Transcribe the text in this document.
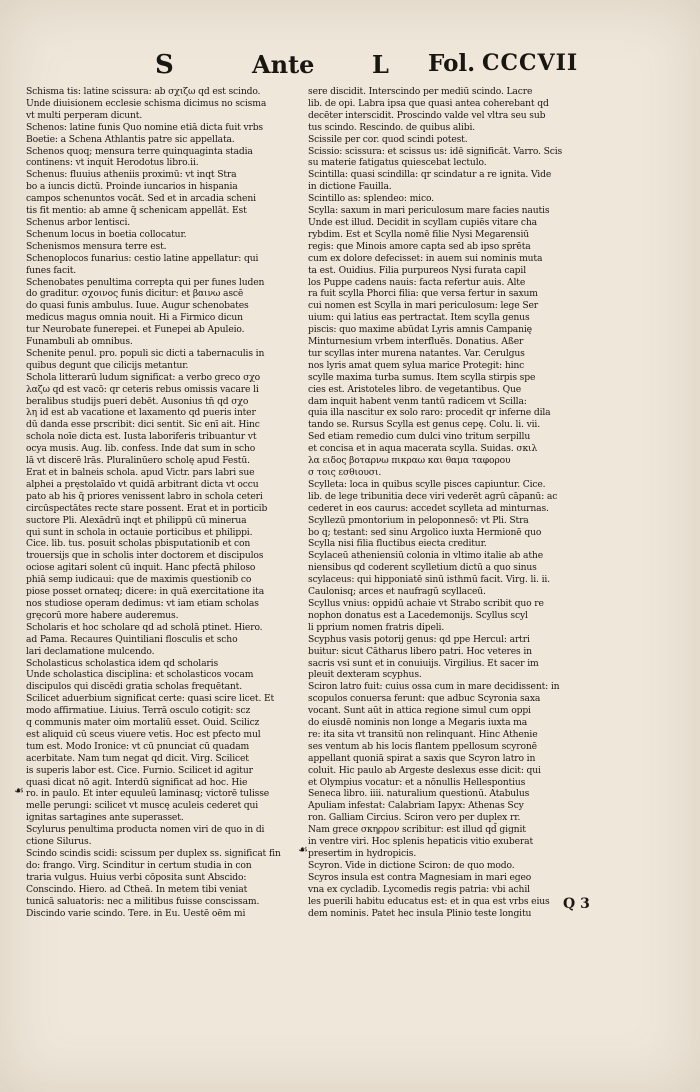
S	Ante L Fol. CCCVII
Schisma tis: latine scissura: ab σχιζω qd est scindo.
Unde diuisionem ecclesie schisma dicimus no scisma
vt multi perperam dicunt.
Schenos: latine funis Quo nomine etiā dicta fuit vrbs
Boetie: a Schena Athlantis patre sic appellata.
Schenos quoq; mensura terre quinquaginta stadia
continens: vt inquit Herodotus libro.ii.
Schenus: fluuius atheniis proximū: vt inqt Stra
bo a iuncis dictū. Proinde iuncarios in hispania
campos schenuntos vocāt. Sed et in arcadia scheni
tis fit mentio: ab amne q̄ schenicam appellāt. Est
Schenus arbor lentisci.
Schenum locus in boetia collocatur.
Schenismos mensura terre est.
Schenoplocos funarius: cestio latine appellatur: qui
funes facit.
Schenobates penultima correpta qui per funes luden
do graditur. σχοινος funis dicitur: et βαινω ascē
do quasi funis ambulus. Iuue. Augur schenobates
medicus magus omnia nouit. Hi a Firmico dicun
tur Neurobate funerepei. et Funepei ab Apuleio.
Funambuli ab omnibus.
Schenite penul. pro. populi sic dicti a tabernaculis in
quibus degunt que cilicijs metantur.
Schola litterarū ludum significat: a verbo greco σχο
λαζω qd est vacō: qr ceteris rebus omissis vacare li
beralibus studijs pueri debēt. Ausonius tn̄ qd σχο
λη id est ab vacatione et laxamento qd pueris inter
dū danda esse prscribit: dici sentit. Sic enī ait. Hinc
schola noīe dicta est. Iusta laboriferis tribuantur vt
ocya musis. Aug. lib. confess. Inde dat sum in scho
lā vt discerē lrās. Pluralinūero scholę apud Festū.
Erat et in balneis schola. apud Victr. pars labri sue
alphei a pręstolaīdo vt quidā arbitrant dicta vt occu
pato ab his q̄ priores venissent labro in schola ceteri
circūspectātes recte stare possent. Erat et in porticib
suctore Pli. Alexādrū inqt et philippū cū minerua
qui sunt in schola in octauie porticibus et philippi.
Cice. lib. tus. posuit scholas pbisputationib et con
trouersijs que in scholis inter doctorem et discipulos
ociose agitari solent cū inquit. Hanc pfectā philoso
phiā semp iudicaui: que de maximis questionib co
piose posset ornateq; dicere: in quā exercitatione ita
nos studiose operam dedimus: vt iam etiam scholas
gręcorū more habere auderemus.
Scholaris et hoc scholare qd ad scholā ptinet. Hiero.
ad Pama. Recaures Quintiliani flosculis et scho
lari declamatione mulcendo.
Scholasticus scholastica idem qd scholaris
Unde scholastica disciplina: et scholasticos vocam
discipulos qui discēdi gratia scholas frequētant.
Scilicet aduerbium significat certe: quasi scire licet. Et
modo affirmatiue. Liuius. Terrā osculo cotigit: scz
q communis mater oim mortaliū esset. Ouid. Scilicz
est aliquid cū sceus viuere vetis. Hoc est pfecto mul
tum est. Modo Ironice: vt cū pnunciat cū quadam
acerbitate. Nam tum negat qd dicit. Virg. Scilicet
is superis labor est. Cice. Furnio. Scilicet id agitur
quasi dicat nō agit. Interdū significat ad hoc. Hie
ro. in paulo. Et inter equuleū laminasq; victorē tulisse
melle perungi: scilicet vt muscę aculeis cederet qui
ignitas sartagines ante superasset.
Scylurus penultima producta nomen viri de quo in di
ctione Silurus.
Scindo scindis scidi: scissum per duplex ss. significat fin
do: frango. Virg. Scinditur in certum studia in con
traria vulgus. Huius verbi cōposita sunt Abscido:
Conscindo. Hiero. ad Ctheā. In metem tibi veniat
tunicā saluatoris: nec a militibus fuisse conscissam.
Discindo varie scindo. Tere. in Eu. Uestē oēm mi
sere discidit. Interscindo per mediū scindo. Lacre
lib. de opi. Labra ipsa que quasi antea coherebant qd
decēter interscidit. Proscindo valde vel vltra seu sub
tus scindo. Rescindo. de quibus alibi.
Scissile per cor. quod scindi potest.
Scissio: scissura: et scissus us: idē significāt. Varro. Scis
su materie fatigatus quiescebat lectulo.
Scintilla: quasi scindilla: qr scindatur a re ignita. Vide
in dictione Fauilla.
Scintillo as: splendeo: mico.
Scylla: saxum in mari periculosum mare facies nautis
Unde est illud. Decidit in scyllam cupiēs vitare cha
rybdim. Est et Scylla nomē filie Nysi Megarensiū
regis: que Minois amore capta sed ab ipso sprēta
cum ex dolore defecisset: in auem sui nominis muta
ta est. Ouidius. Filia purpureos Nysi furata capil
los Puppe cadens nauis: facta refertur auis. Alte
ra fuit scylla Phorci filia: que versa fertur in saxum
cui nomen est Scylla in mari periculosum: lege Ser
uium: qui latius eas pertractat. Item scylla genus
piscis: quo maxime abūdat Lyris amnis Campanię
Minturnesium vrbem interfluēs. Donatius. Aßer
tur scyllas inter murena natantes. Var. Cerulgus
nos lyris amat quem sylua marice Protegit: hinc
scylle maxima turba sumus. Item scylla stirpis spe
cies est. Aristoteles libro. de vegetantibus. Que
dam inquit habent venm tantū radicem vt Scilla:
quia illa nascitur ex solo raro: procedit qr inferne dila
tando se. Rursus Scylla est genus cepę. Colu. li. vii.
Sed etiam remedio cum dulci vino tritum serpillu
et concisa et in aqua macerata scylla. Suidas. σκιλ
λα ειδος βοταρνω πικραω και θαμα ταφορου
σ τοις εσθιουσι.
Scylleta: loca in quibus scylle pisces capiuntur. Cice.
lib. de lege tribunitia dece viri vederēt agrū cāpanū: ac
cederet in eos caurus: accedet scylleta ad minturnas.
Scyllezū pmontorium in peloponnesō: vt Pli. Stra
bo q; testant: sed sinu Argolico iuxta Hermionē quo
Scylla nisi filia fluctibus eiecta creditur.
Scylaceū atheniensiū colonia in vltimo italie ab athe
niensibus qd coderent scylletium dictū a quo sinus
scylaceus: qui hipponiatē sinū isthmū facit. Virg. li. ii.
Caulonisq; arces et naufragū scyllaceū.
Scyllus vnius: oppidū achaie vt Strabo scribit quo re
nophon donatus est a Lacedemonijs. Scyllus scyl
li pprium nomen fratris dipeli.
Scyphus vasis potorij genus: qd ppe Hercul: artri
buitur: sicut Cātharus libero patri. Hoc veteres in
sacris vsi sunt et in conuiuijs. Virgilius. Et sacer im
pleuit dexteram scyphus.
Sciron latro fuit: cuius ossa cum in mare decidissent: in
scopulos conuersa ferunt: que adbuc Scyronia saxa
vocant. Sunt aūt in attica regione simul cum oppi
do eiusdē nominis non longe a Megaris iuxta ma
re: ita sita vt transitū non relinquant. Hinc Athenie
ses ventum ab his locis flantem ppellosum scyronē
appellant quoniā spirat a saxis que Scyron latro in
coluit. Hic paulo ab Argeste deslexus esse dicit: qui
et Olympius vocatur: et a nōnullis Hellespontius
Seneca libro. iiii. naturalium questionū. Atabulus
Apuliam infestat: Calabriam Iapyx: Athenas Scy
ron. Galliam Circius. Sciron vero per duplex rr.
Nam grece σκηρρον scribitur: est illud qd̄ gignit
in ventre viri. Hoc splenis hepaticis vitio exuberat
presertim in hydropicis.
Scyron. Vide in dictione Sciron: de quo modo.
Scyros insula est contra Magnesiam in mari egeo
vna ex cycladib. Lycomedis regis patria: vbi achil
les puerili habitu educatus est: et in qua est vrbs eius
dem nominis. Patet hec insula Plinio teste longitu
☙
☙
Q 3
